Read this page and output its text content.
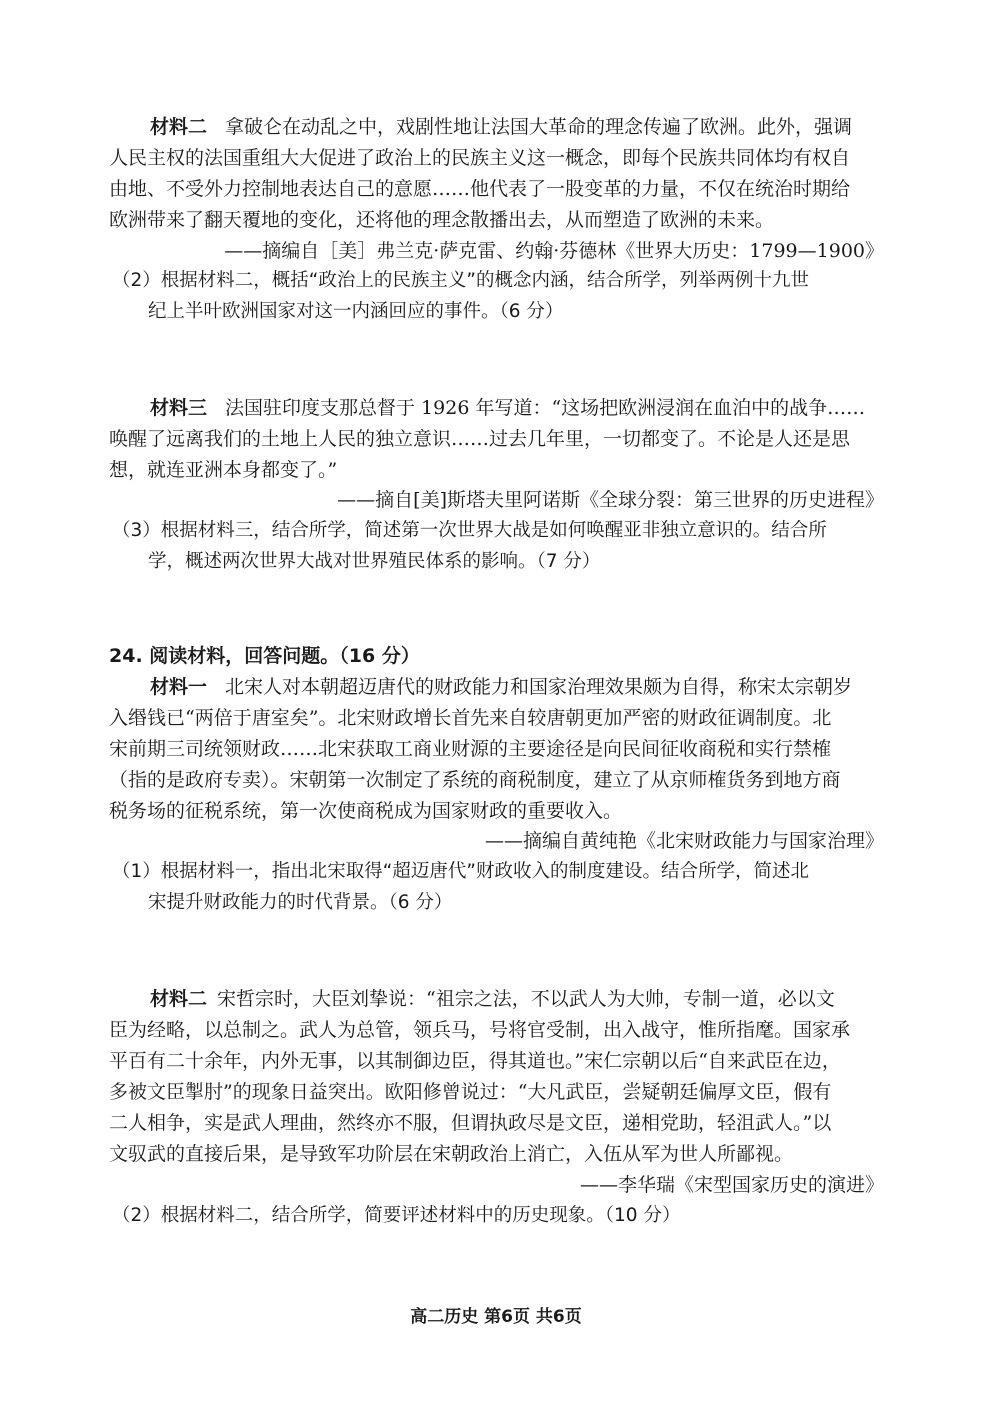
材料二 拿破仑在动乱之中，戏剧性地让法国大革命的理念传遍了欧洲。此外，强调
人民主权的法国重组大大促进了政治上的民族主义这一概念，即每个民族共同体均有权自
由地、不受外力控制地表达自己的意愿……他代表了一股变革的力量，不仅在统治时期给
欧洲带来了翻天覆地的变化，还将他的理念散播出去，从而塑造了欧洲的未来。
——摘编自［美］弗兰克·萨克雷、约翰·芬德林《世界大历史：1799—1900》
（2）根据材料二，概括“政治上的民族主义”的概念内涵，结合所学，列举两例十九世
纪上半叶欧洲国家对这一内涵回应的事件。（6 分）
材料三 法国驻印度支那总督于 1926 年写道：“这场把欧洲浸润在血泊中的战争……
唤醒了远离我们的土地上人民的独立意识……过去几年里，一切都变了。不论是人还是思
想，就连亚洲本身都变了。”
——摘自[美]斯塔夫里阿诺斯《全球分裂：第三世界的历史进程》
（3）根据材料三，结合所学，简述第一次世界大战是如何唤醒亚非独立意识的。结合所
学，概述两次世界大战对世界殖民体系的影响。（7 分）
24. 阅读材料，回答问题。（16 分）
材料一 北宋人对本朝超迈唐代的财政能力和国家治理效果颇为自得，称宋太宗朝岁
入缗钱已“两倍于唐室矣”。北宋财政增长首先来自较唐朝更加严密的财政征调制度。北
宋前期三司统领财政……北宋获取工商业财源的主要途径是向民间征收商税和实行禁榷
（指的是政府专卖）。宋朝第一次制定了系统的商税制度，建立了从京师榷货务到地方商
税务场的征税系统，第一次使商税成为国家财政的重要收入。
——摘编自黄纯艳《北宋财政能力与国家治理》
（1）根据材料一，指出北宋取得“超迈唐代”财政收入的制度建设。结合所学，简述北
宋提升财政能力的时代背景。（6 分）
材料二 宋哲宗时，大臣刘挚说：“祖宗之法，不以武人为大帅，专制一道，必以文
臣为经略，以总制之。武人为总管，领兵马，号将官受制，出入战守，惟所指麾。国家承
平百有二十余年，内外无事，以其制御边臣，得其道也。”宋仁宗朝以后“自来武臣在边，
多被文臣掣肘”的现象日益突出。欧阳修曾说过：“大凡武臣，尝疑朝廷偏厚文臣，假有
二人相争，实是武人理曲，然终亦不服，但谓执政尽是文臣，递相党助，轻沮武人。”以
文驭武的直接后果，是导致军功阶层在宋朝政治上消亡，入伍从军为世人所鄙视。
——李华瑞《宋型国家历史的演进》
（2）根据材料二，结合所学，简要评述材料中的历史现象。（10 分）
高二历史 第6页 共6页
